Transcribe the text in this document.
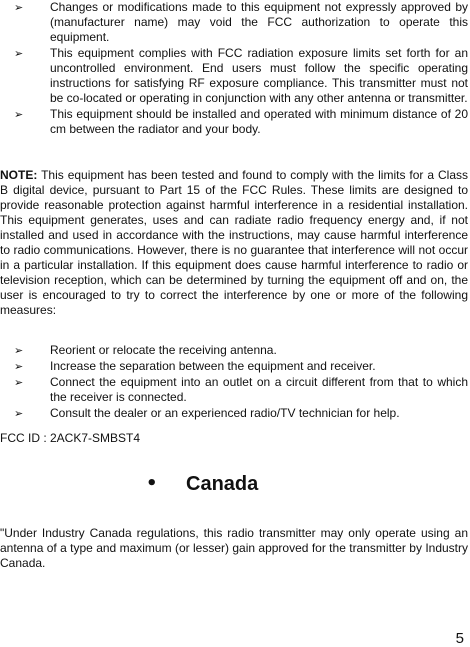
➢ Changes or modifications made to this equipment not expressly approved by (manufacturer name) may void the FCC authorization to operate this equipment.
➢ This equipment complies with FCC radiation exposure limits set forth for an uncontrolled environment. End users must follow the specific operating instructions for satisfying RF exposure compliance. This transmitter must not be co-located or operating in conjunction with any other antenna or transmitter.
➢ This equipment should be installed and operated with minimum distance of 20 cm between the radiator and your body.
NOTE: This equipment has been tested and found to comply with the limits for a Class B digital device, pursuant to Part 15 of the FCC Rules. These limits are designed to provide reasonable protection against harmful interference in a residential installation. This equipment generates, uses and can radiate radio frequency energy and, if not installed and used in accordance with the instructions, may cause harmful interference to radio communications. However, there is no guarantee that interference will not occur in a particular installation. If this equipment does cause harmful interference to radio or television reception, which can be determined by turning the equipment off and on, the user is encouraged to try to correct the interference by one or more of the following measures:
➢ Reorient or relocate the receiving antenna.
➢ Increase the separation between the equipment and receiver.
➢ Connect the equipment into an outlet on a circuit different from that to which the receiver is connected.
➢ Consult the dealer or an experienced radio/TV technician for help.
FCC ID : 2ACK7-SMBST4
• Canada
"Under Industry Canada regulations, this radio transmitter may only operate using an antenna of a type and maximum (or lesser) gain approved for the transmitter by Industry Canada.
5
